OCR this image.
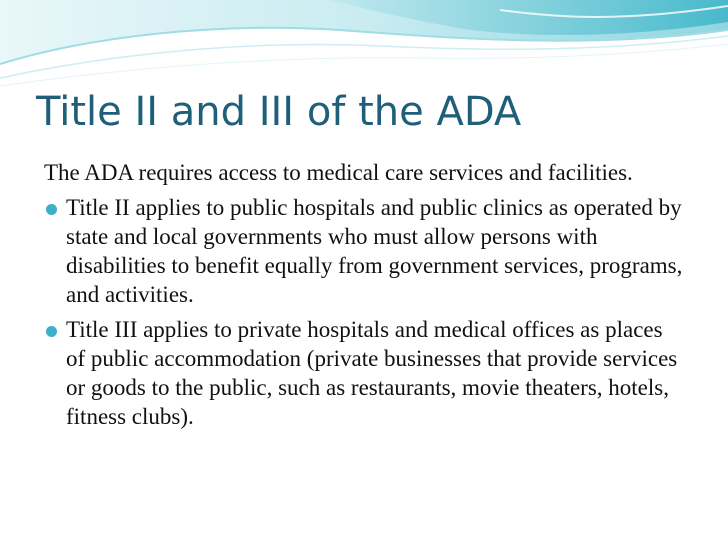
Title II and III of the ADA

The ADA requires access to medical care services and facilities.

Title II applies to public hospitals and public clinics as operated by state and local governments who must allow persons with disabilities to benefit equally from government services, programs, and activities.
Title III applies to private hospitals and medical offices as places of public accommodation (private businesses that provide services or goods to the public, such as restaurants, movie theaters, hotels, fitness clubs).
